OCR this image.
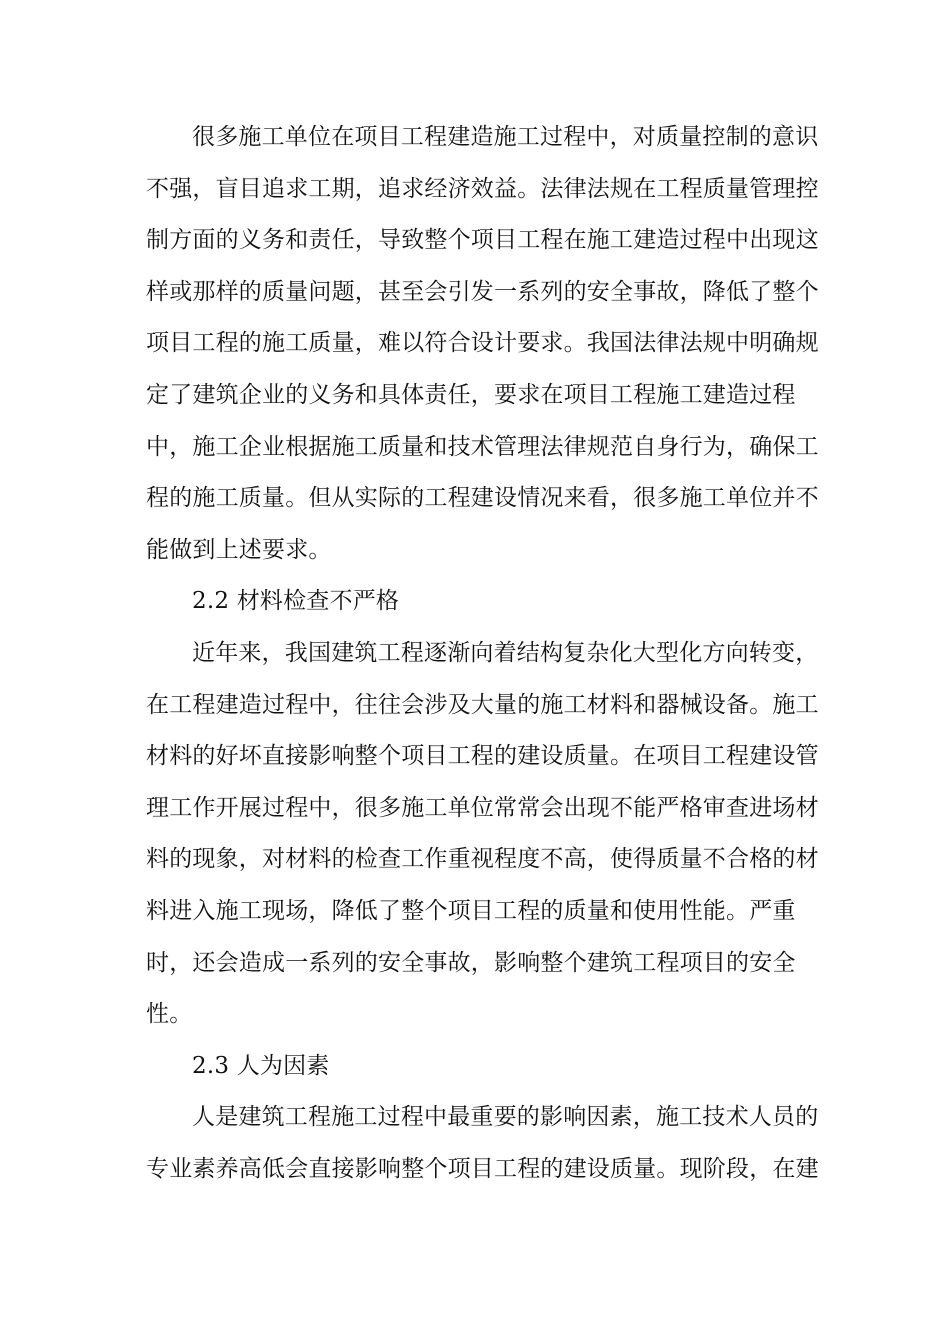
很多施工单位在项目工程建造施工过程中，对质量控制的意识
不强，盲目追求工期，追求经济效益。法律法规在工程质量管理控
制方面的义务和责任，导致整个项目工程在施工建造过程中出现这
样或那样的质量问题，甚至会引发一系列的安全事故，降低了整个
项目工程的施工质量，难以符合设计要求。我国法律法规中明确规
定了建筑企业的义务和具体责任，要求在项目工程施工建造过程
中，施工企业根据施工质量和技术管理法律规范自身行为，确保工
程的施工质量。但从实际的工程建设情况来看，很多施工单位并不
能做到上述要求。
2.2 材料检查不严格
近年来，我国建筑工程逐渐向着结构复杂化大型化方向转变，
在工程建造过程中，往往会涉及大量的施工材料和器械设备。施工
材料的好坏直接影响整个项目工程的建设质量。在项目工程建设管
理工作开展过程中，很多施工单位常常会出现不能严格审查进场材
料的现象，对材料的检查工作重视程度不高，使得质量不合格的材
料进入施工现场，降低了整个项目工程的质量和使用性能。严重
时，还会造成一系列的安全事故，影响整个建筑工程项目的安全
性。
2.3 人为因素
人是建筑工程施工过程中最重要的影响因素，施工技术人员的
专业素养高低会直接影响整个项目工程的建设质量。现阶段，在建
